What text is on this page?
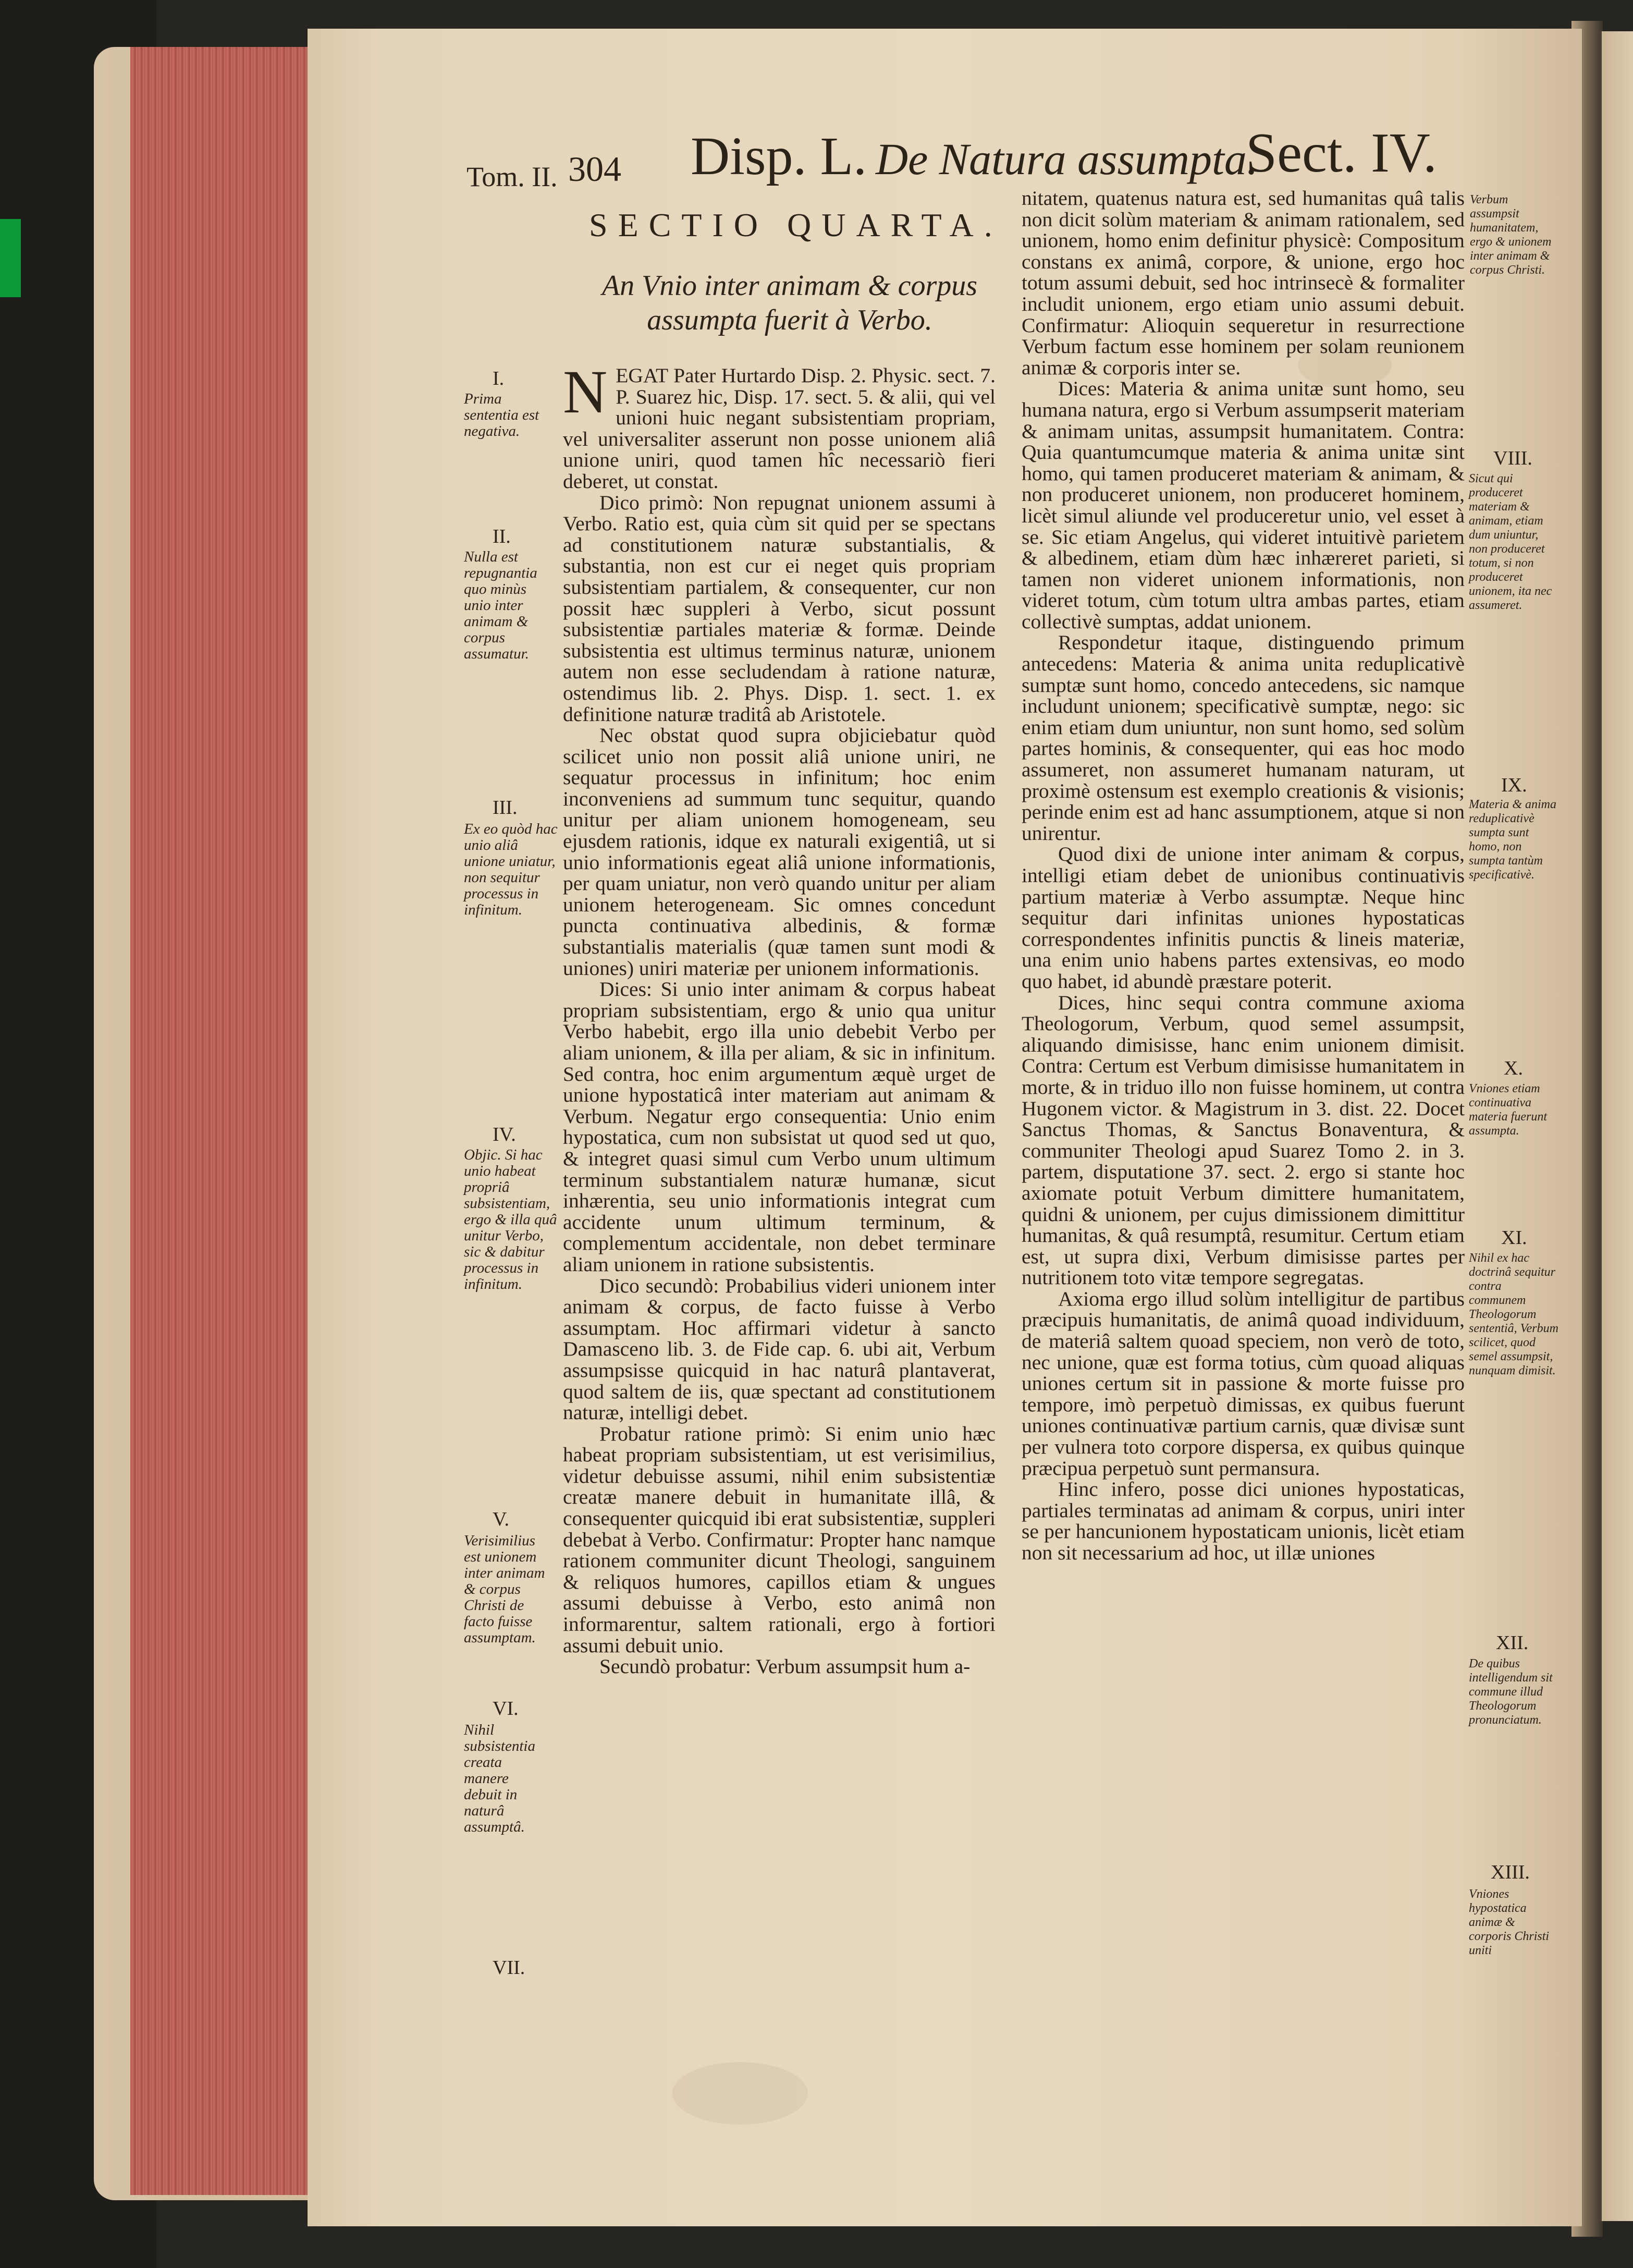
Tom. II. 304 Disp. L. De Natura assumpta.
Sect. IV.
SECTIO QUARTA.
An Vnio inter animam & corpus assumpta fuerit à Verbo.

NEGAT Pater Hurtardo Disp. 2. Physic. sect. 7. P. Suarez hic, Disp. 17. sect. 5. & alii, qui vel unioni huic negant subsistentiam propriam, vel universaliter asserunt non posse unionem aliâ unione uniri, quod tamen hîc necessariò fieri deberet, ut constat.

Dico primò: Non repugnat unionem assumi à Verbo. Ratio est, quia cùm sit quid per se spectans ad constitutionem naturæ substantialis, & substantia, non est cur ei neget quis propriam subsistentiam partialem, & consequenter, cur non possit hæc suppleri à Verbo, sicut possunt subsistentiæ partiales materiæ & formæ. Deinde subsistentia est ultimus terminus naturæ, unionem autem non esse secludendam à ratione naturæ, ostendimus lib. 2. Phys. Disp. 1. sect. 1. ex definitione naturæ traditâ ab Aristotele.

Nec obstat quod supra objiciebatur quòd scilicet unio non possit aliâ unione uniri, ne sequatur processus in infinitum; hoc enim inconveniens ad summum tunc sequitur, quando unitur per aliam unionem homogeneam, seu ejusdem rationis, idque ex naturali exigentiâ, ut si unio informationis egeat aliâ unione informationis, per quam uniatur, non verò quando unitur per aliam unionem heterogeneam. Sic omnes concedunt puncta continuativa albedinis, & formæ substantialis materialis (quæ tamen sunt modi & uniones) uniri materiæ per unionem informationis.

Dices: Si unio inter animam & corpus habeat propriam subsistentiam, ergo & unio qua unitur Verbo habebit, ergo illa unio debebit Verbo per aliam unionem, & illa per aliam, & sic in infinitum. Sed contra, hoc enim argumentum æquè urget de unione hypostaticâ inter materiam aut animam & Verbum. Negatur ergo consequentia: Unio enim hypostatica, cum non subsistat ut quod sed ut quo, & integret quasi simul cum Verbo unum ultimum terminum substantialem naturæ humanæ, sicut inhærentia, seu unio informationis integrat cum accidente unum ultimum terminum, & complementum accidentale, non debet terminare aliam unionem in ratione subsistentis.

Dico secundò: Probabilius videri unionem inter animam & corpus, de facto fuisse à Verbo assumptam. Hoc affirmari videtur à sancto Damasceno lib. 3. de Fide cap. 6. ubi ait, Verbum assumpsisse quicquid in hac naturâ plantaverat, quod saltem de iis, quæ spectant ad constitutionem naturæ, intelligi debet.

Probatur ratione primò: Si enim unio hæc habeat propriam subsistentiam, ut est verisimilius, videtur debuisse assumi, nihil enim subsistentiæ creatæ manere debuit in humanitate illâ, & consequenter quicquid ibi erat subsistentiæ, suppleri debebat à Verbo. Confirmatur: Propter hanc namque rationem communiter dicunt Theologi, sanguinem & reliquos humores, capillos etiam & ungues assumi debuisse à Verbo, esto animâ non informarentur, saltem rationali, ergo à fortiori assumi debuit unio.

Secundò probatur: Verbum assumpsit hum a-

nitatem, quatenus natura est, sed humanitas quâ talis non dicit solùm materiam & animam rationalem, sed unionem, homo enim definitur physicè: Compositum constans ex animâ, corpore, & unione, ergo hoc totum assumi debuit, sed hoc intrinsecè & formaliter includit unionem, ergo etiam unio assumi debuit. Confirmatur: Alioquin sequeretur in resurrectione Verbum factum esse hominem per solam reunionem animæ & corporis inter se.

Dices: Materia & anima unitæ sunt homo, seu humana natura, ergo si Verbum assumpserit materiam & animam unitas, assumpsit humanitatem. Contra: Quia quantumcumque materia & anima unitæ sint homo, qui tamen produceret materiam & animam, & non produceret unionem, non produceret hominem, licèt simul aliunde vel produceretur unio, vel esset à se. Sic etiam Angelus, qui videret intuitivè parietem & albedinem, etiam dùm hæc inhæreret parieti, si tamen non videret unionem informationis, non videret totum, cùm totum ultra ambas partes, etiam collectivè sumptas, addat unionem.

Respondetur itaque, distinguendo primum antecedens: Materia & anima unita reduplicativè sumptæ sunt homo, concedo antecedens, sic namque includunt unionem; specificativè sumptæ, nego: sic enim etiam dum uniuntur, non sunt homo, sed solùm partes hominis, & consequenter, qui eas hoc modo assumeret, non assumeret humanam naturam, ut proximè ostensum est exemplo creationis & visionis; perinde enim est ad hanc assumptionem, atque si non unirentur.

Quod dixi de unione inter animam & corpus, intelligi etiam debet de unionibus continuativis partium materiæ à Verbo assumptæ. Neque hinc sequitur dari infinitas uniones hypostaticas correspondentes infinitis punctis & lineis materiæ, una enim unio habens partes extensivas, eo modo quo habet, id abundè præstare poterit.

Dices, hinc sequi contra commune axioma Theologorum, Verbum, quod semel assumpsit, aliquando dimisisse, hanc enim unionem dimisit. Contra: Certum est Verbum dimisisse humanitatem in morte, & in triduo illo non fuisse hominem, ut contra Hugonem victor. & Magistrum in 3. dist. 22. Docet Sanctus Thomas, & Sanctus Bonaventura, & communiter Theologi apud Suarez Tomo 2. in 3. partem, disputatione 37. sect. 2. ergo si stante hoc axiomate potuit Verbum dimittere humanitatem, quidni & unionem, per cujus dimissionem dimittitur humanitas, & quâ resumptâ, resumitur. Certum etiam est, ut supra dixi, Verbum dimisisse partes per nutritionem toto vitæ tempore segregatas.

Axioma ergo illud solùm intelligitur de partibus præcipuis humanitatis, de animâ quoad individuum, de materiâ saltem quoad speciem, non verò de toto, nec unione, quæ est forma totius, cùm quoad aliquas uniones certum sit in passione & morte fuisse pro tempore, imò perpetuò dimissas, ex quibus fuerunt uniones continuativæ partium carnis, quæ divisæ sunt per vulnera toto corpore dispersa, ex quibus quinque præcipua perpetuò sunt permansura.

Hinc infero, posse dici uniones hypostaticas, partiales terminatas ad animam & corpus, uniri inter se per hancunionem hypostaticam unionis, licèt etiam non sit necessarium ad hoc, ut illæ uniones

I.
Prima sententia est negativa.
II.
Nulla est repugnantia quo minùs unio inter animam & corpus assumatur.
III.
Ex eo quòd hac unio aliâ unione uniatur, non sequitur processus in infinitum.
IV.
Objic. Si hac unio habeat propriâ subsistentiam, ergo & illa quâ unitur Verbo, sic & dabitur processus in infinitum.
V.
Verisimilius est unionem inter animam & corpus Christi de facto fuisse assumptam.
VI.
Nihil subsistentia creata manere debuit in naturâ assumptâ.
VII.
Verbum assumpsit humanitatem, ergo & unionem inter animam & corpus Christi.
VIII.
Sicut qui produceret materiam & animam, etiam dum uniuntur, non produceret totum, si non produceret unionem, ita nec assumeret.
IX.
Materia & anima reduplicativè sumpta sunt homo, non sumpta tantùm specificativè.
X.
Vniones etiam continuativa materia fuerunt assumpta.
XI.
Nihil ex hac doctrinâ sequitur contra communem Theologorum sententiâ, Verbum scilicet, quod semel assumpsit, nunquam dimisit.
XII.
De quibus intelligendum sit commune illud Theologorum pronunciatum.
XIII.
Vniones hypostatica animæ & corporis Christi uniti
